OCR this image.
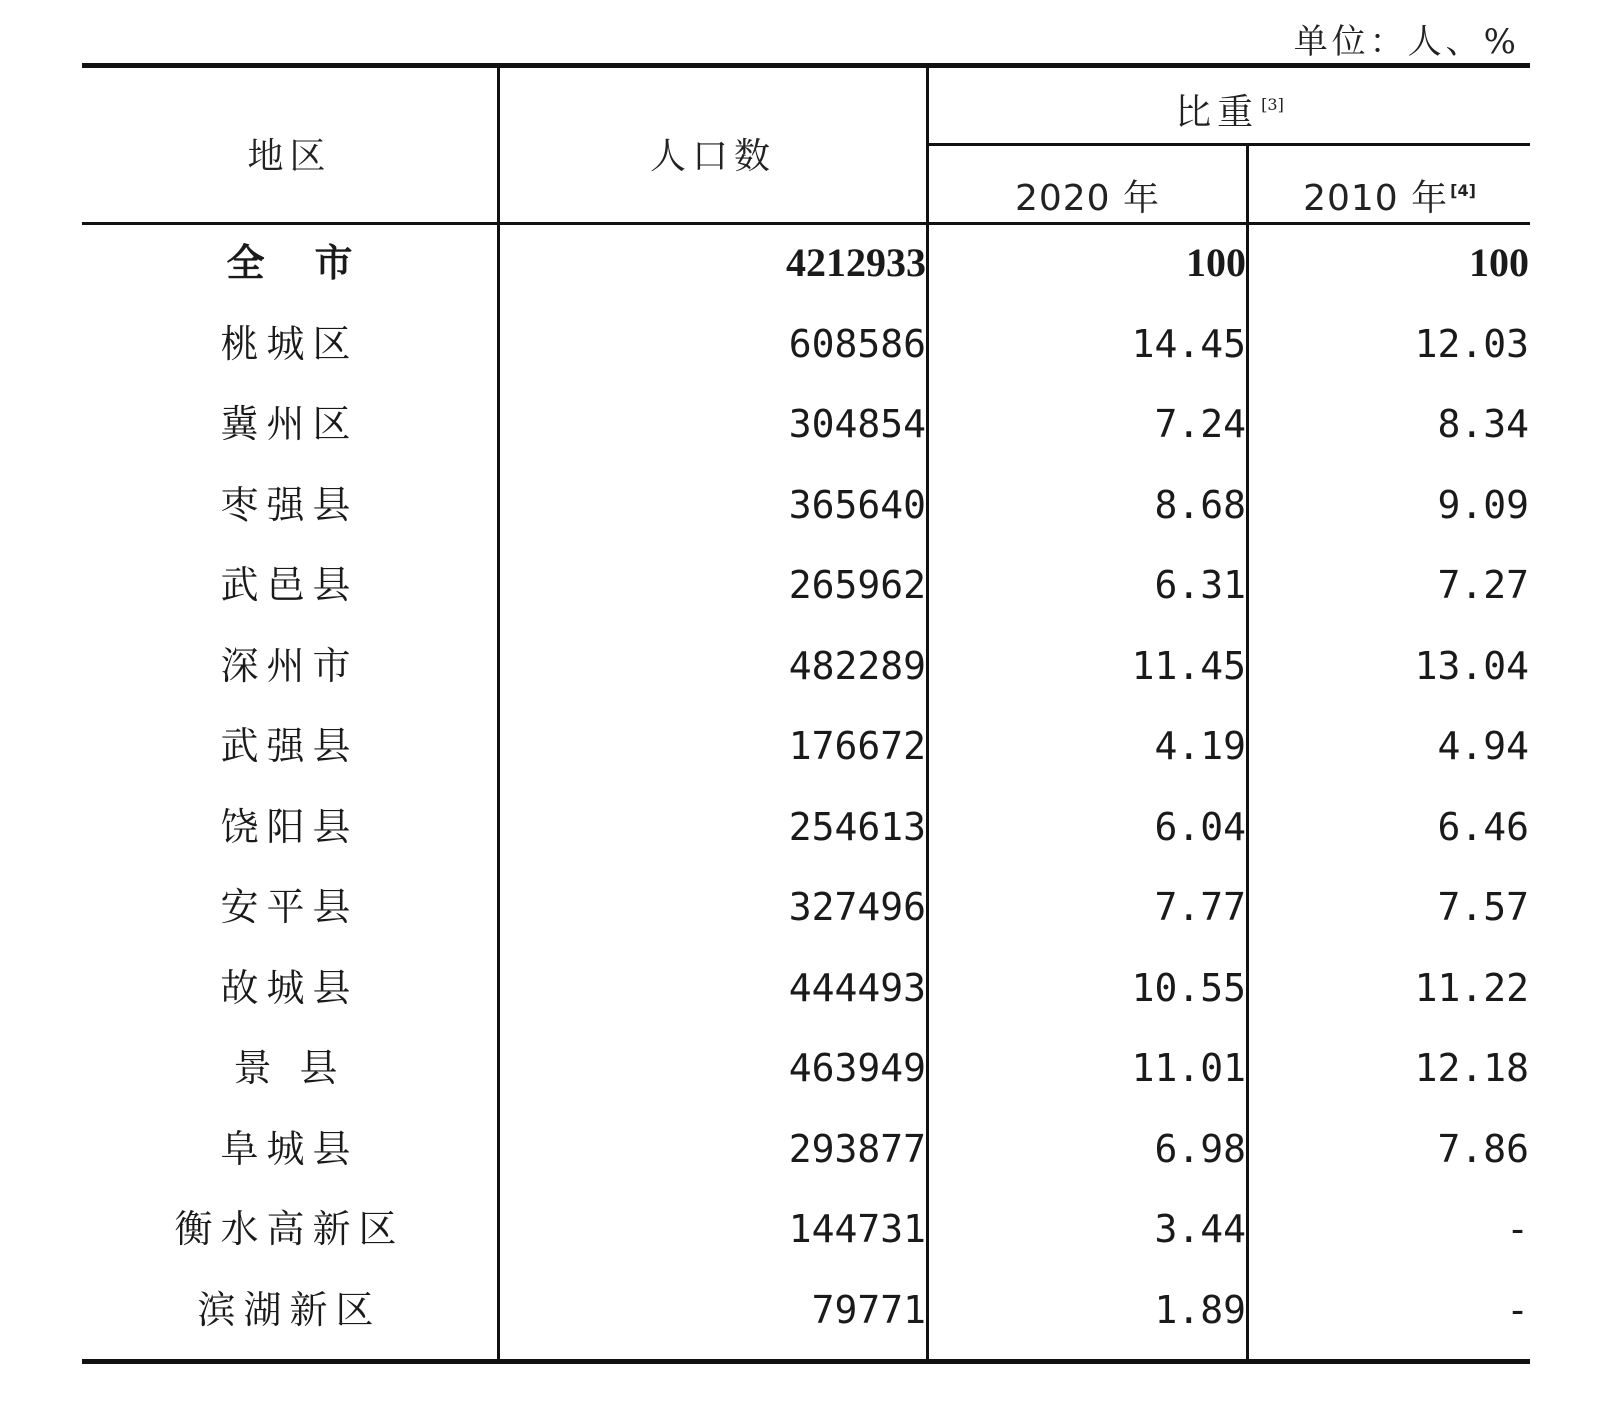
单位：人、%
地区	人口数
比重 [3]
2020 年	2010 年 [4]
全市	4212933	100	100
桃城区	608586	14.45	12.03
冀州区	304854	7.24	8.34
枣强县	365640	8.68	9.09
武邑县	265962	6.31	7.27
深州市	482289	11.45	13.04
武强县	176672	4.19	4.94
饶阳县	254613	6.04	6.46
安平县	327496	7.77	7.57
故城县	444493	10.55	11.22
景 县	463949	11.01	12.18
阜城县	293877	6.98	7.86
衡水高新区	144731	3.44	-
滨湖新区	79771	1.89	-
